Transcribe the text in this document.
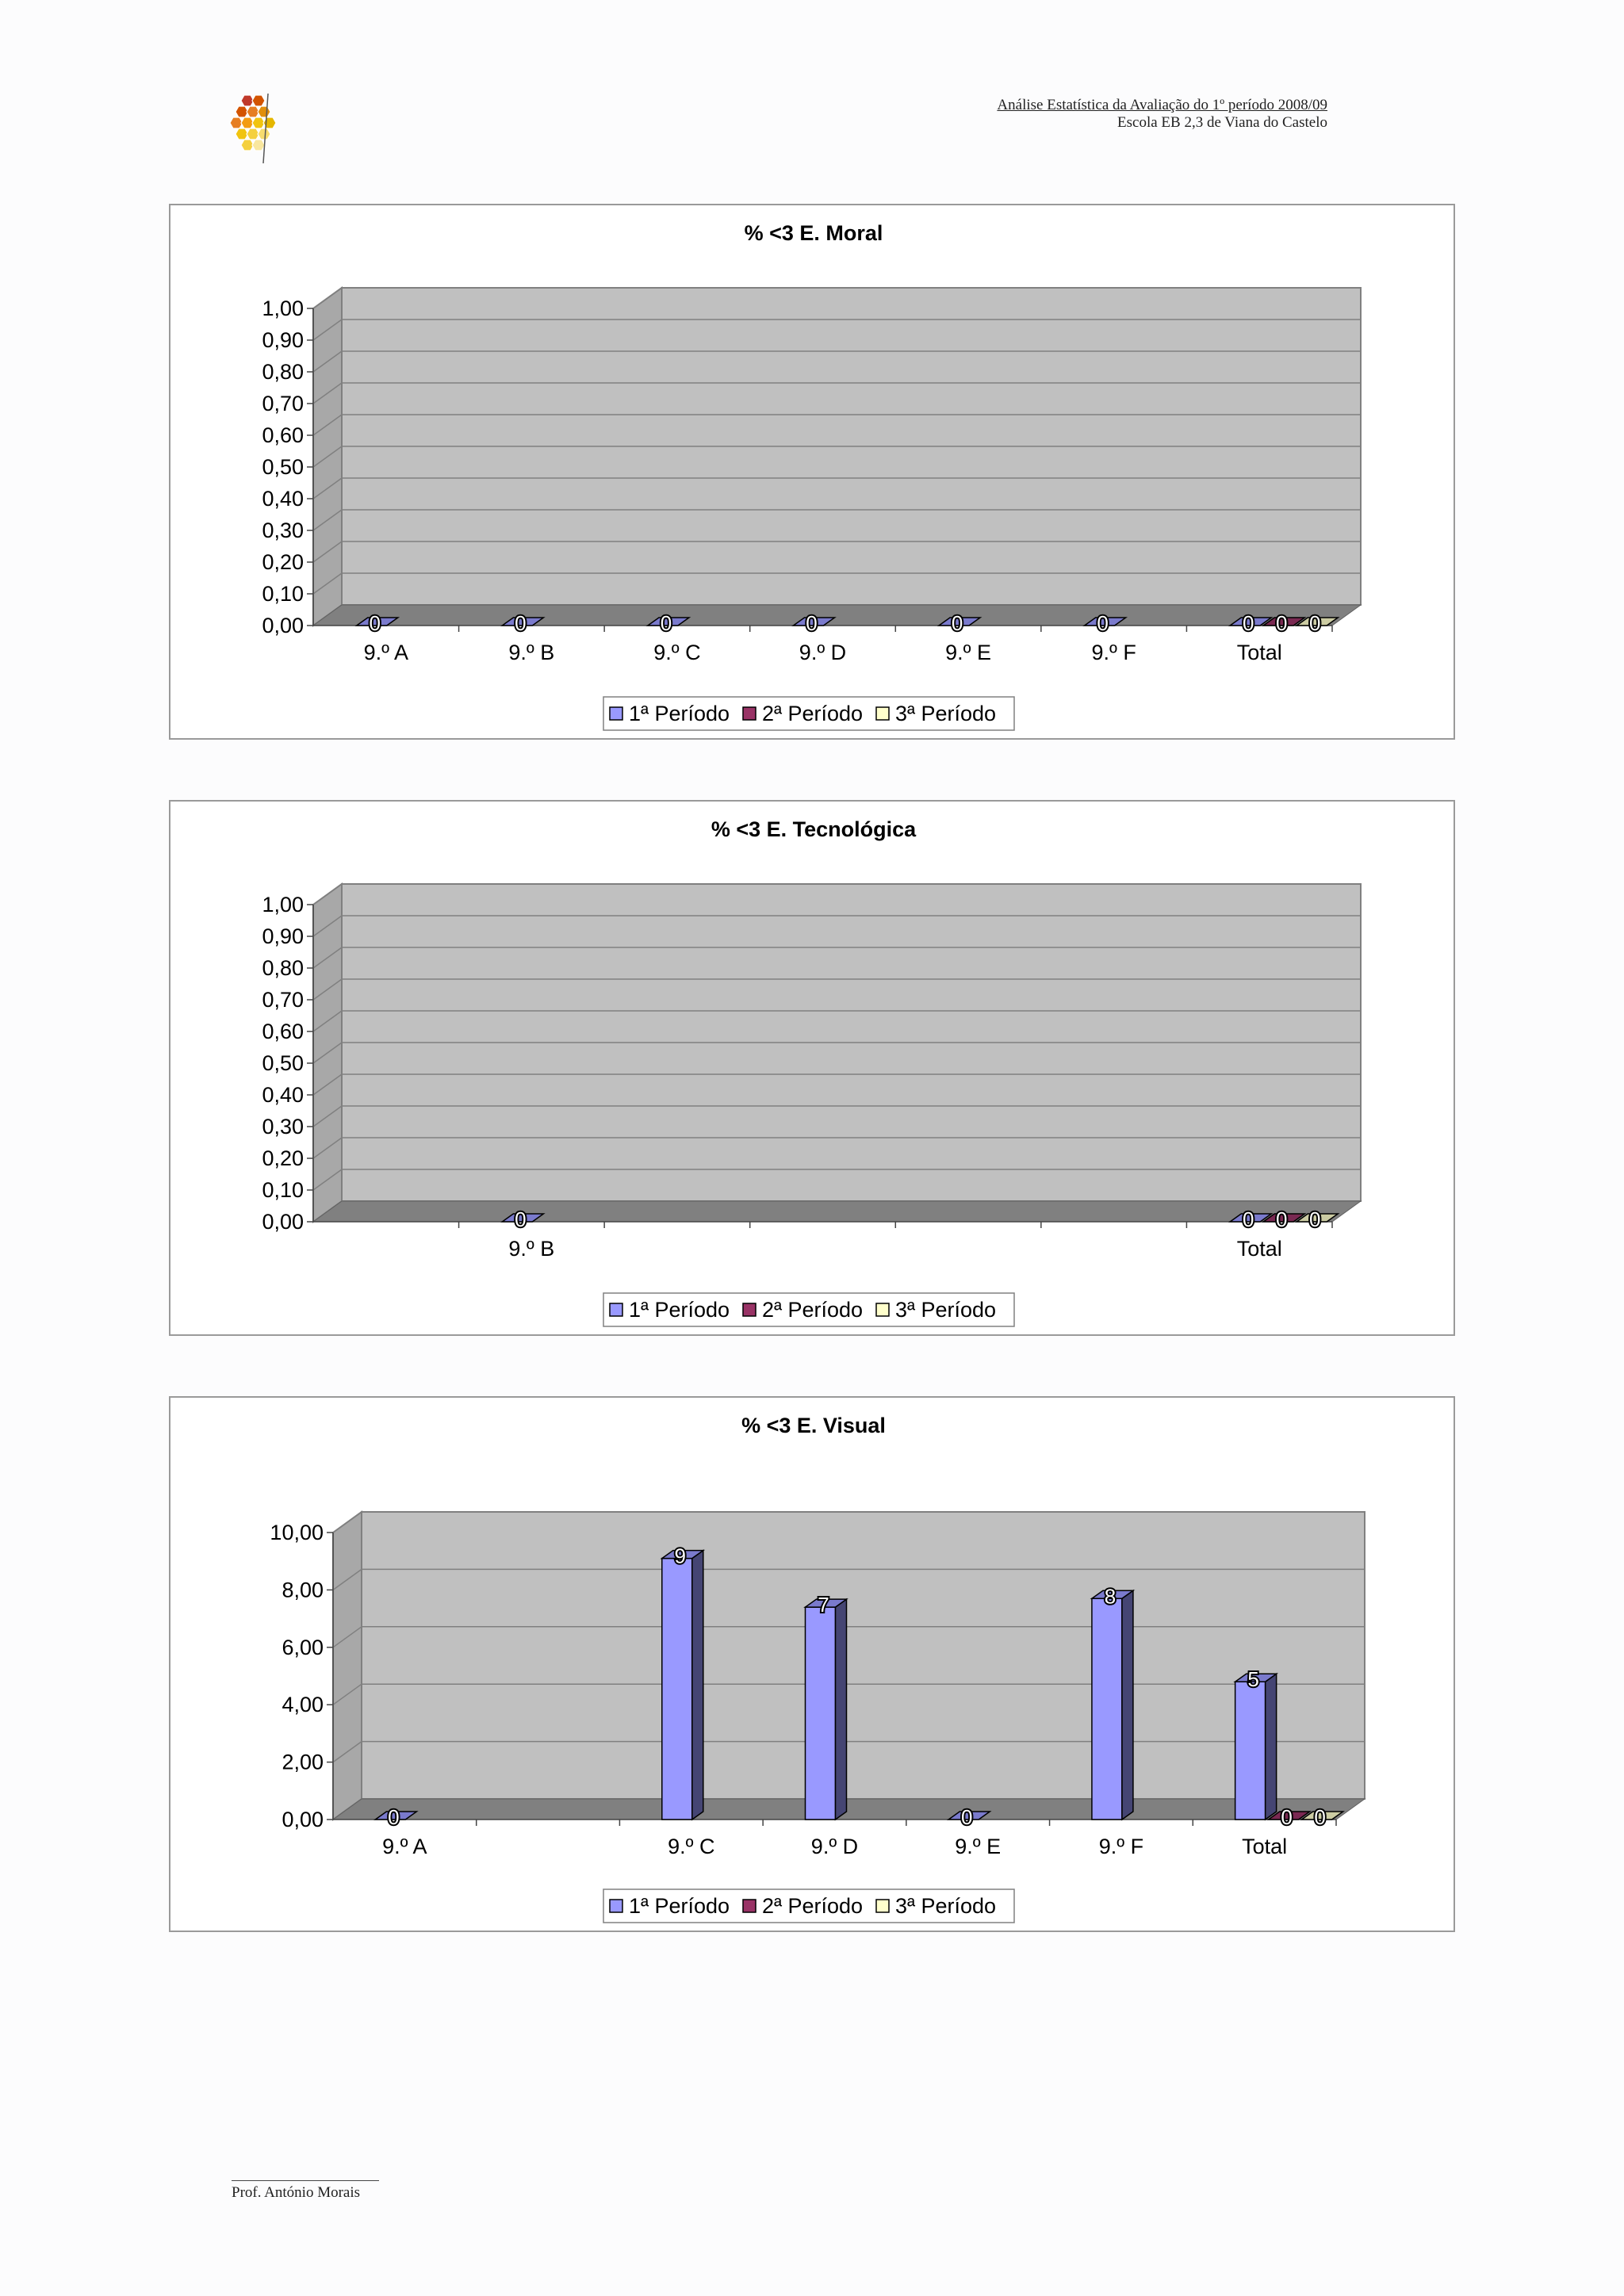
Análise Estatística da Avaliação do 1º período 2008/09
Escola EB 2,3 de Viana do Castelo
% <3 E. Moral
1,00
0,90
0,80
0,70
0,60
0,50
0,40
0,30
0,20
0,10
0,00
9.º A	9.º B	9.º C	9.º D	9.º E	9.º F	Total
0	0	0	0	0	0	0 0 0
1ª Período 2ª Período 3ª Período
% <3 E. Tecnológica
1,00
0,90
0,80
0,70
0,60
0,50
0,40
0,30
0,20
0,10
0,00
9.º B	Total
0	0 0 0
1ª Período 2ª Período 3ª Período
% <3 E. Visual
10,00
8,00
6,00
4,00
2,00
0,00
9.º A	9.º C	9.º D	9.º E	9.º F	Total
0
9
7
0
8
5
0 0
1ª Período 2ª Período 3ª Período
Prof. António Morais
